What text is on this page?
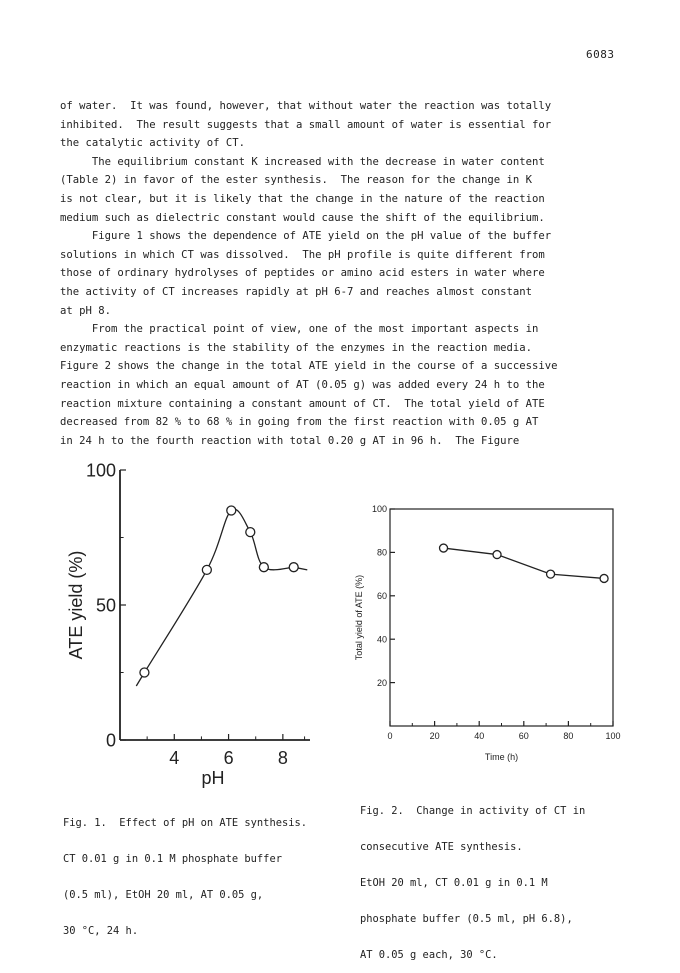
6083

of water.  It was found, however, that without water the reaction was totally

inhibited.  The result suggests that a small amount of water is essential for

the catalytic activity of CT.

The equilibrium constant K increased with the decrease in water content

(Table 2) in favor of the ester synthesis.  The reason for the change in K

is not clear, but it is likely that the change in the nature of the reaction

medium such as dielectric constant would cause the shift of the equilibrium.

Figure 1 shows the dependence of ATE yield on the pH value of the buffer

solutions in which CT was dissolved.  The pH profile is quite different from

those of ordinary hydrolyses of peptides or amino acid esters in water where

the activity of CT increases rapidly at pH 6-7 and reaches almost constant

at pH 8.

From the practical point of view, one of the most important aspects in

enzymatic reactions is the stability of the enzymes in the reaction media.

Figure 2 shows the change in the total ATE yield in the course of a successive

reaction in which an equal amount of AT (0.05 g) was added every 24 h to the

reaction mixture containing a constant amount of CT.  The total yield of ATE

decreased from 82 % to 68 % in going from the first reaction with 0.05 g AT

in 24 h to the fourth reaction with total 0.20 g AT in 96 h.  The Figure

0
50
100
4 6 8
pH
ATE yield (%)

Fig. 1.  Effect of pH on ATE synthesis.

CT 0.01 g in 0.1 M phosphate buffer

(0.5 ml), EtOH 20 ml, AT 0.05 g,

30 °C, 24 h.

20
40
60
80
100
0	20	40	60	80	100
Time (h)
Total yield of ATE (%)

Fig. 2.  Change in activity of CT in

consecutive ATE synthesis.

EtOH 20 ml, CT 0.01 g in 0.1 M

phosphate buffer (0.5 ml, pH 6.8),

AT 0.05 g each, 30 °C.
